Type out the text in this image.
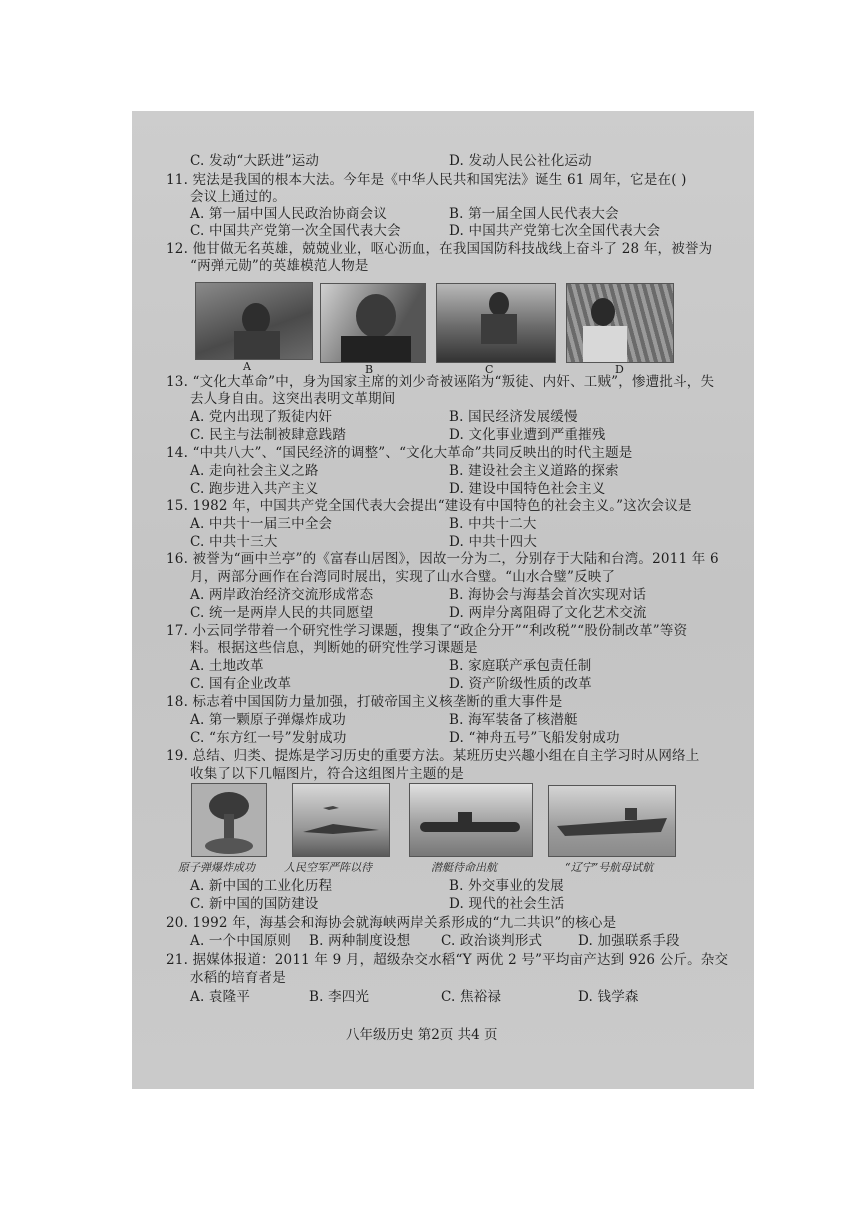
C. 发动“大跃进”运动	D. 发动人民公社化运动
11. 宪法是我国的根本大法。今年是《中华人民共和国宪法》诞生 61 周年，它是在( )
会议上通过的。
A. 第一届中国人民政治协商会议	B. 第一届全国人民代表大会
C. 中国共产党第一次全国代表大会	D. 中国共产党第七次全国代表大会
12. 他甘做无名英雄，兢兢业业，呕心沥血，在我国国防科技战线上奋斗了 28 年，被誉为
“两弹元勋”的英雄模范人物是
13. “文化大革命”中，身为国家主席的刘少奇被诬陷为“叛徒、内奸、工贼”，惨遭批斗，失
去人身自由。这突出表明文革期间
A. 党内出现了叛徒内奸	B. 国民经济发展缓慢
C. 民主与法制被肆意践踏	D. 文化事业遭到严重摧残
14. “中共八大”、“国民经济的调整”、“文化大革命”共同反映出的时代主题是
A. 走向社会主义之路	B. 建设社会主义道路的探索
C. 跑步进入共产主义	D. 建设中国特色社会主义
15. 1982 年，中国共产党全国代表大会提出“建设有中国特色的社会主义。”这次会议是
A. 中共十一届三中全会	B. 中共十二大
C. 中共十三大	D. 中共十四大
16. 被誉为“画中兰亭”的《富春山居图》，因故一分为二，分别存于大陆和台湾。2011 年 6
月，两部分画作在台湾同时展出，实现了山水合璧。“山水合璧”反映了
A. 两岸政治经济交流形成常态	B. 海协会与海基会首次实现对话
C. 统一是两岸人民的共同愿望	D. 两岸分离阻碍了文化艺术交流
17. 小云同学带着一个研究性学习课题，搜集了“政企分开”“利改税”“股份制改革”等资
料。根据这些信息，判断她的研究性学习课题是
A. 土地改革	B. 家庭联产承包责任制
C. 国有企业改革	D. 资产阶级性质的改革
18. 标志着中国国防力量加强，打破帝国主义核垄断的重大事件是
A. 第一颗原子弹爆炸成功	B. 海军装备了核潜艇
C. “东方红一号”发射成功	D. “神舟五号”飞船发射成功
19. 总结、归类、提炼是学习历史的重要方法。某班历史兴趣小组在自主学习时从网络上
收集了以下几幅图片，符合这组图片主题的是
A. 新中国的工业化历程	B. 外交事业的发展
C. 新中国的国防建设	D. 现代的社会生活
20. 1992 年，海基会和海协会就海峡两岸关系形成的“九二共识”的核心是
A. 一个中国原则 B. 两种制度设想 C. 政治谈判形式	D. 加强联系手段
21. 据媒体报道：2011 年 9 月，超级杂交水稻“Y 两优 2 号”平均亩产达到 926 公斤。杂交
水稻的培育者是
A. 袁隆平	B. 李四光	C. 焦裕禄	D. 钱学森
A	B	C	D
原子弹爆炸成功	人民空军严阵以待	潜艇待命出航	“辽宁”号航母试航
八年级历史 第2页 共4 页
